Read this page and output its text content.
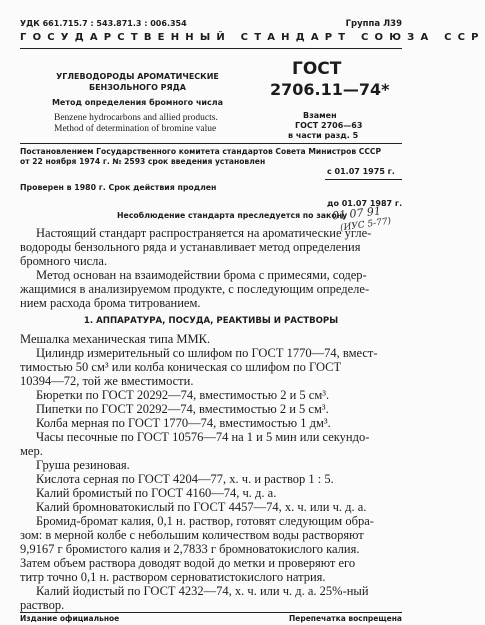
УДК 661.715.7 : 543.871.3 : 006.354	Группа Л39
ГОСУДАРСТВЕННЫЙ СТАНДАРТ СОЮЗА ССР
УГЛЕВОДОРОДЫ АРОМАТИЧЕСКИЕ
БЕНЗОЛЬНОГО РЯДА
Метод определения бромного числа
Benzene hydrocarbons and allied products.
Method of determination of bromine value
ГОСТ
2706.11—74*
Взамен
ГОСТ 2706—63
в части разд. 5
Постановлением Государственного комитета стандартов Совета Министров СССР
от 22 ноября 1974 г. № 2593 срок введения установлен
с 01.07 1975 г.
Проверен в 1980 г. Срок действия продлен
до 01.07 1987 г.
Несоблюдение стандарта преследуется по закону
01 07 91
(ИУС 5-77)
Настоящий стандарт распространяется на ароматические угле-
водороды бензольного ряда и устанавливает метод определения
бромного числа.
Метод основан на взаимодействии брома с примесями, содер-
жащимися в анализируемом продукте, с последующим определе-
нием расхода брома титрованием.
1. АППАРАТУРА, ПОСУДА, РЕАКТИВЫ И РАСТВОРЫ
Мешалка механическая типа ММК.
Цилиндр измерительный со шлифом по ГОСТ 1770—74, вмест-
тимостью 50 см³ или колба коническая со шлифом по ГОСТ
10394—72, той же вместимости.
Бюретки по ГОСТ 20292—74, вместимостью 2 и 5 см³.
Пипетки по ГОСТ 20292—74, вместимостью 2 и 5 см³.
Колба мерная по ГОСТ 1770—74, вместимостью 1 дм³.
Часы песочные по ГОСТ 10576—74 на 1 и 5 мин или секундо-
мер.
Груша резиновая.
Кислота серная по ГОСТ 4204—77, х. ч. и раствор 1 : 5.
Калий бромистый по ГОСТ 4160—74, ч. д. а.
Калий бромноватокислый по ГОСТ 4457—74, х. ч. или ч. д. а.
Бромид-бромат калия, 0,1 н. раствор, готовят следующим обра-
зом: в мерной колбе с небольшим количеством воды растворяют
9,9167 г бромистого калия и 2,7833 г бромноватокислого калия.
Затем объем раствора доводят водой до метки и проверяют его
титр точно 0,1 н. раствором серноватистокислого натрия.
Калий йодистый по ГОСТ 4232—74, х. ч. или ч. д. а. 25%-ный
раствор.
Издание официальное	Перепечатка воспрещена
